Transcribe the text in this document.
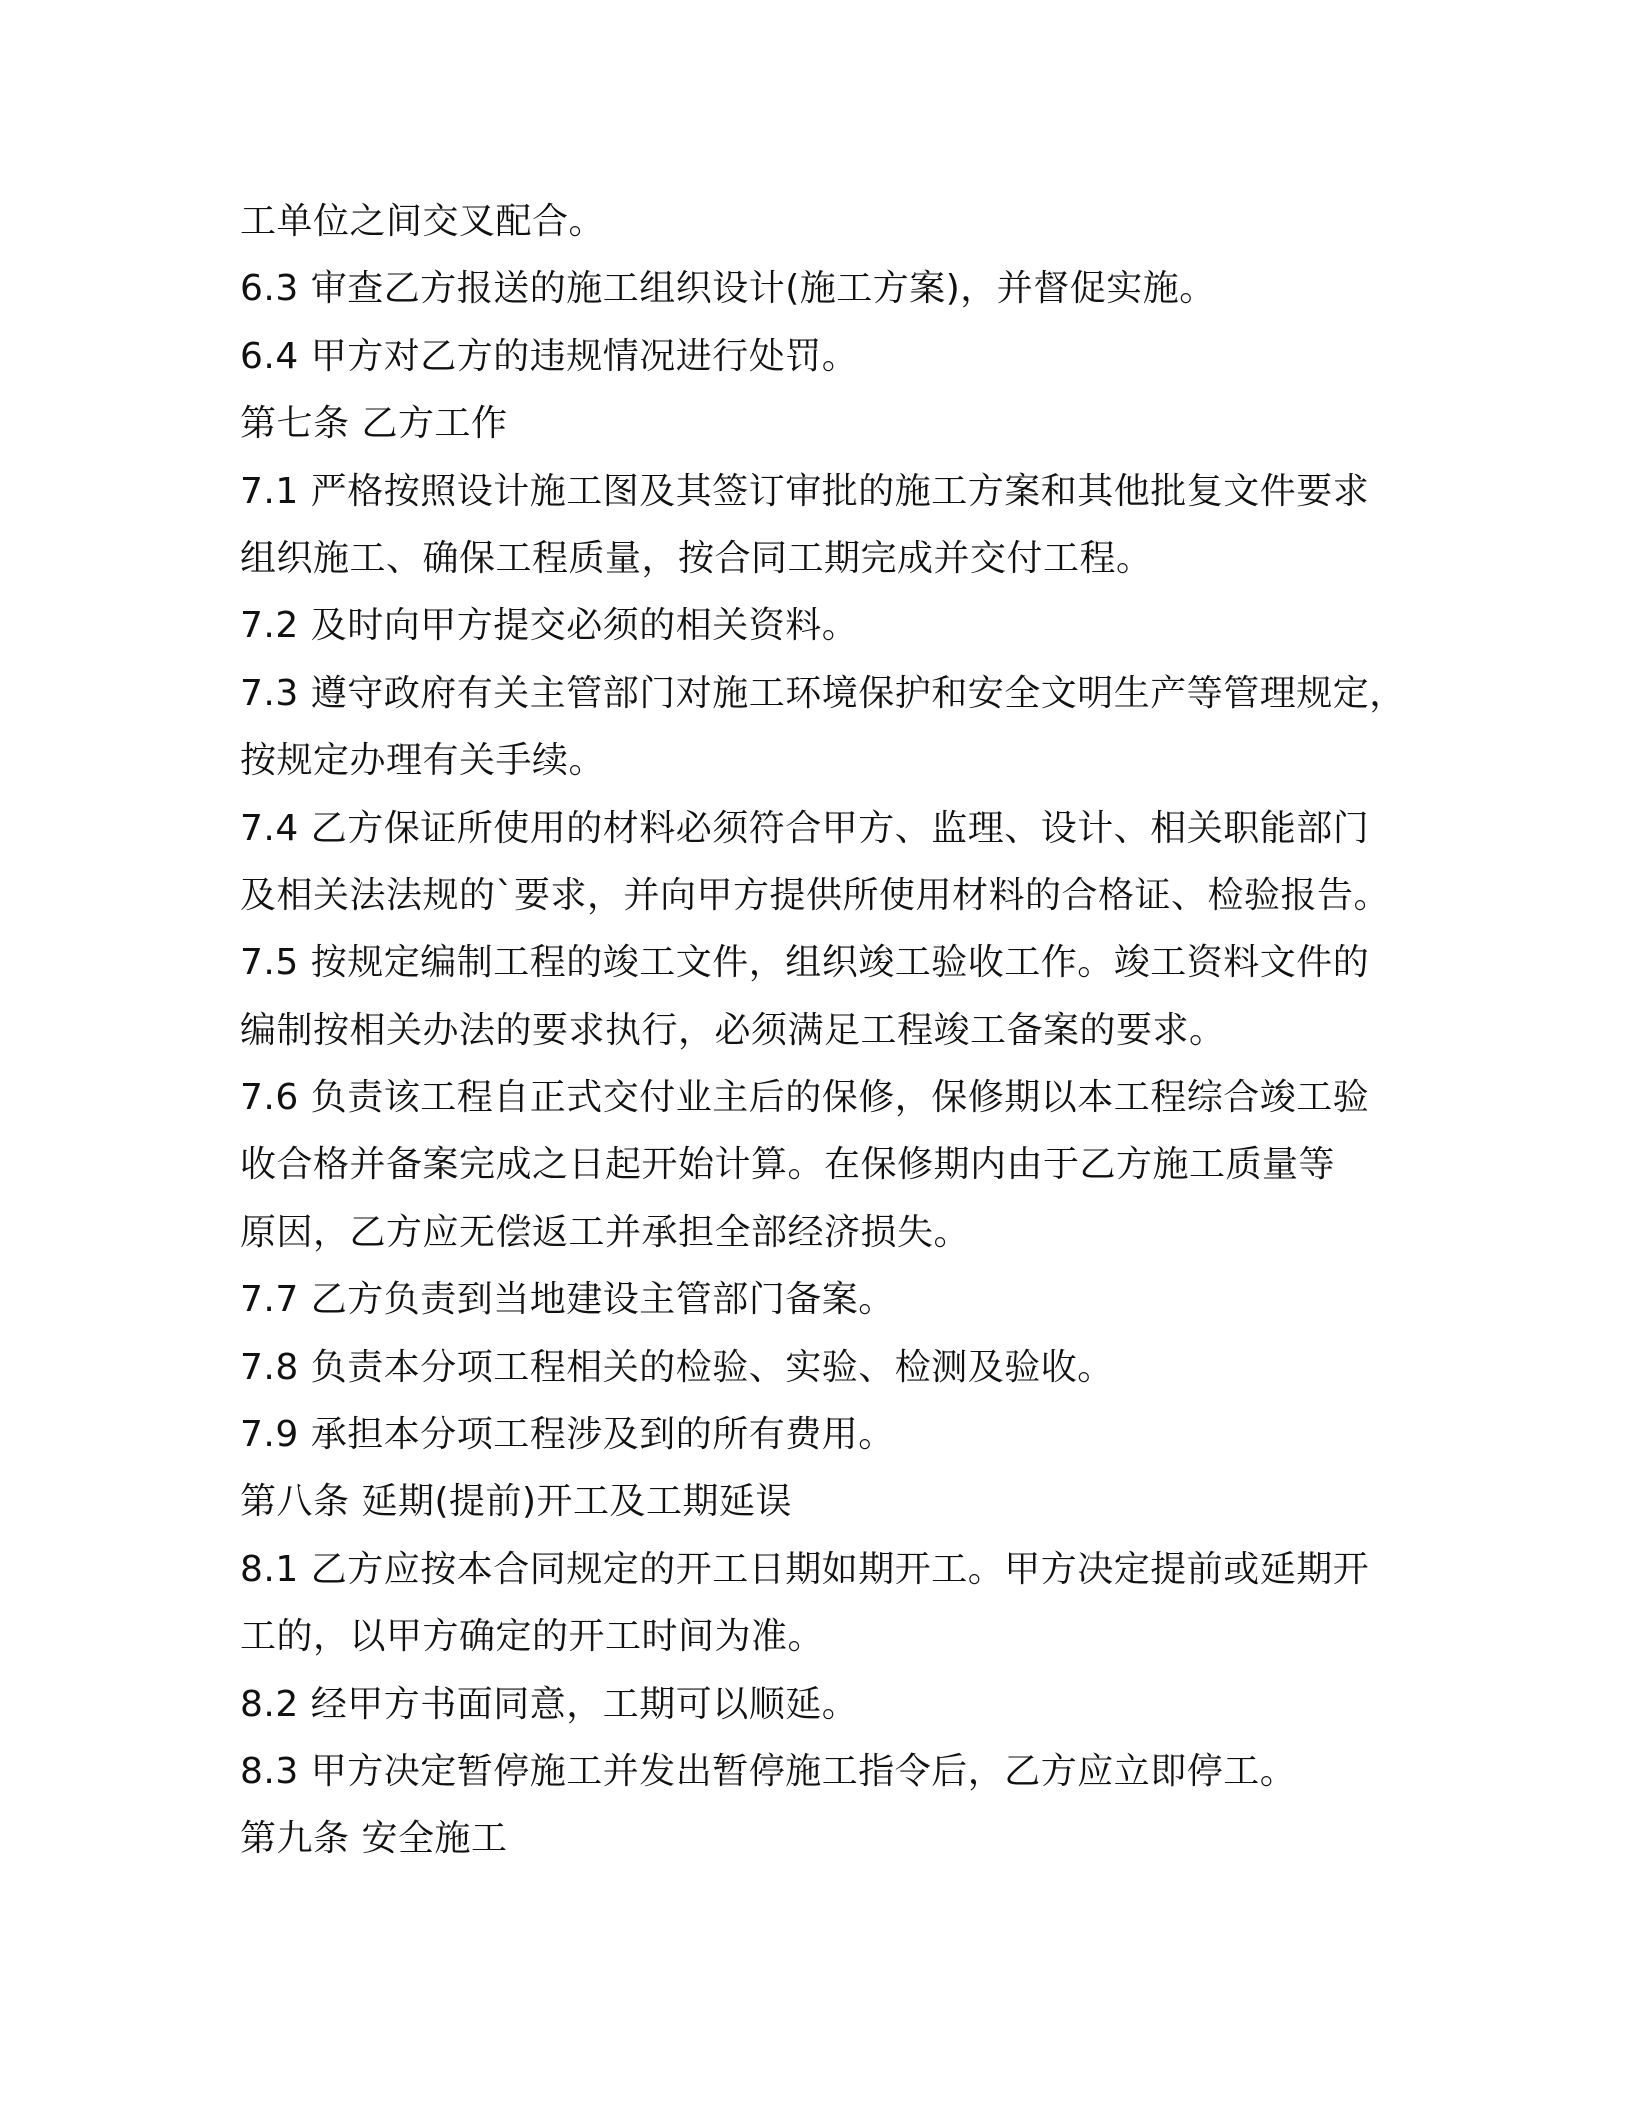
工单位之间交叉配合。
6.3 审查乙方报送的施工组织设计(施工方案)，并督促实施。
6.4 甲方对乙方的违规情况进行处罚。
第七条 乙方工作
7.1 严格按照设计施工图及其签订审批的施工方案和其他批复文件要求
组织施工、确保工程质量，按合同工期完成并交付工程。
7.2 及时向甲方提交必须的相关资料。
7.3 遵守政府有关主管部门对施工环境保护和安全文明生产等管理规定，
按规定办理有关手续。
7.4 乙方保证所使用的材料必须符合甲方、监理、设计、相关职能部门
及相关法法规的`要求，并向甲方提供所使用材料的合格证、检验报告。
7.5 按规定编制工程的竣工文件，组织竣工验收工作。竣工资料文件的
编制按相关办法的要求执行，必须满足工程竣工备案的要求。
7.6 负责该工程自正式交付业主后的保修，保修期以本工程综合竣工验
收合格并备案完成之日起开始计算。在保修期内由于乙方施工质量等
原因，乙方应无偿返工并承担全部经济损失。
7.7 乙方负责到当地建设主管部门备案。
7.8 负责本分项工程相关的检验、实验、检测及验收。
7.9 承担本分项工程涉及到的所有费用。
第八条 延期(提前)开工及工期延误
8.1 乙方应按本合同规定的开工日期如期开工。甲方决定提前或延期开
工的，以甲方确定的开工时间为准。
8.2 经甲方书面同意，工期可以顺延。
8.3 甲方决定暂停施工并发出暂停施工指令后，乙方应立即停工。
第九条 安全施工
